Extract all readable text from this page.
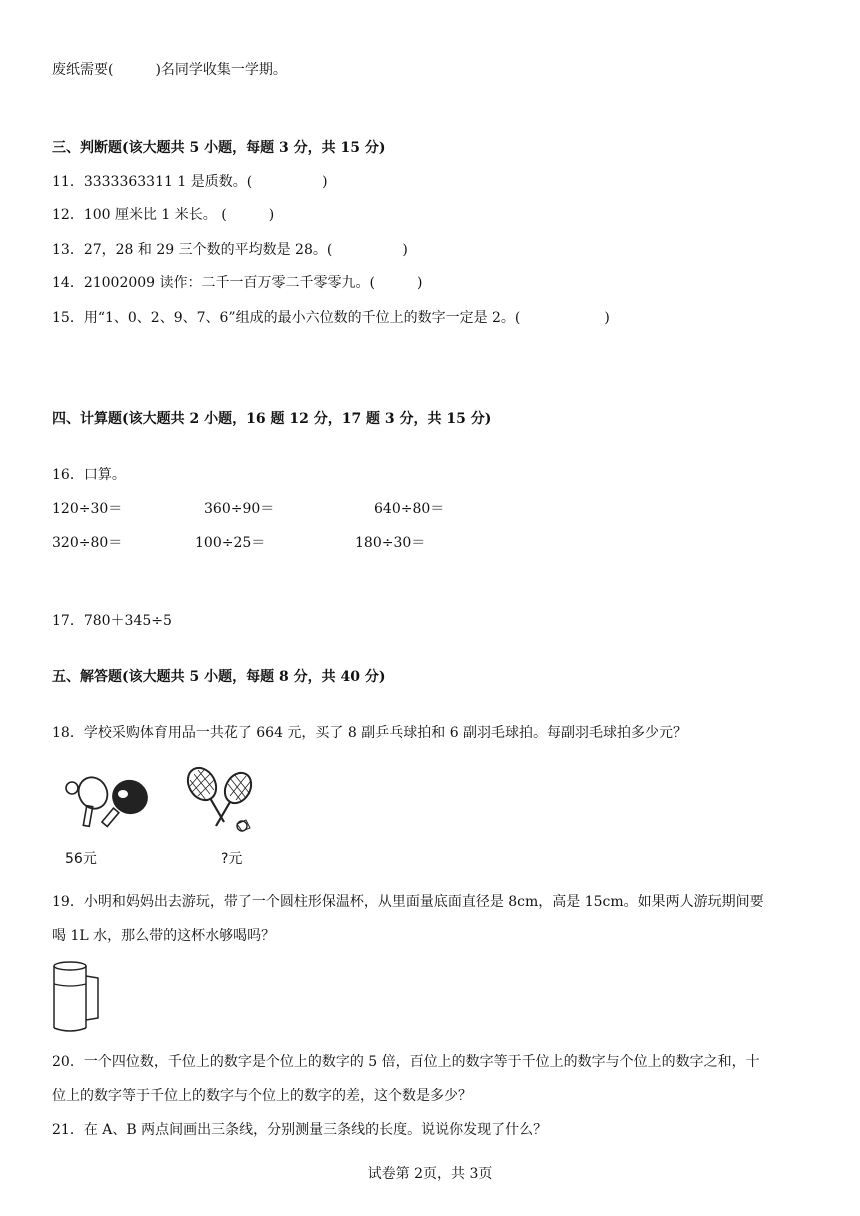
废纸需要(　　　)名同学收集一学期。
三、判断题(该大题共 5 小题，每题 3 分，共 15 分)
11．3333363311 1 是质数。(　　　　　)
12．100 厘米比 1 米长。 (　　　)
13．27，28 和 29 三个数的平均数是 28。(　　　　　)
14．21002009 读作：二千一百万零二千零零九。(　　　)
15．用“1、0、2、9、7、6”组成的最小六位数的千位上的数字一定是 2。(　　　　　　)
四、计算题(该大题共 2 小题，16 题 12 分，17 题 3 分，共 15 分)
16．口算。
120÷30＝	360÷90＝	640÷80＝
320÷80＝	100÷25＝	180÷30＝
17．780＋345÷5
五、解答题(该大题共 5 小题，每题 8 分，共 40 分)
18．学校采购体育用品一共花了 664 元，买了 8 副乒乓球拍和 6 副羽毛球拍。每副羽毛球拍多少元？
56元	?元
19．小明和妈妈出去游玩，带了一个圆柱形保温杯，从里面量底面直径是 8cm，高是 15cm。如果两人游玩期间要
喝 1L 水，那么带的这杯水够喝吗？
20．一个四位数，千位上的数字是个位上的数字的 5 倍，百位上的数字等于千位上的数字与个位上的数字之和，十
位上的数字等于千位上的数字与个位上的数字的差，这个数是多少？
21．在 A、B 两点间画出三条线，分别测量三条线的长度。说说你发现了什么？
试卷第 2页，共 3页
